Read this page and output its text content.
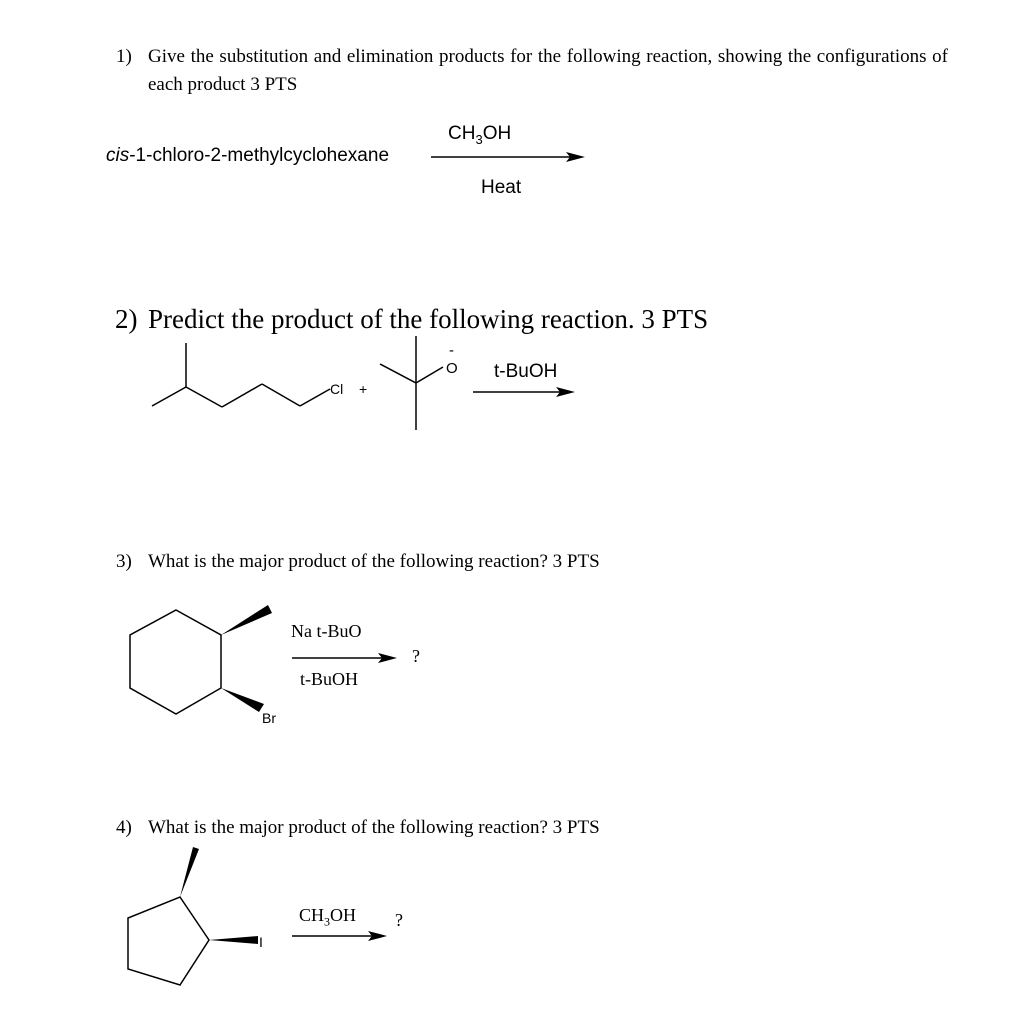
1) Give the substitution and elimination products for the following reaction, showing the configurations of each product 3 PTS

cis-1-chloro-2-methylcyclohexane
$CH_3OH$
Heat
2) Predict the product of the following reaction. 3 PTS
Cl +
O
-
t-BuOH
3) What is the major product of the following reaction? 3 PTS
Br
Na t-BuO
t-BuOH
?
4) What is the major product of the following reaction? 3 PTS
I
$CH_3OH$ ?
